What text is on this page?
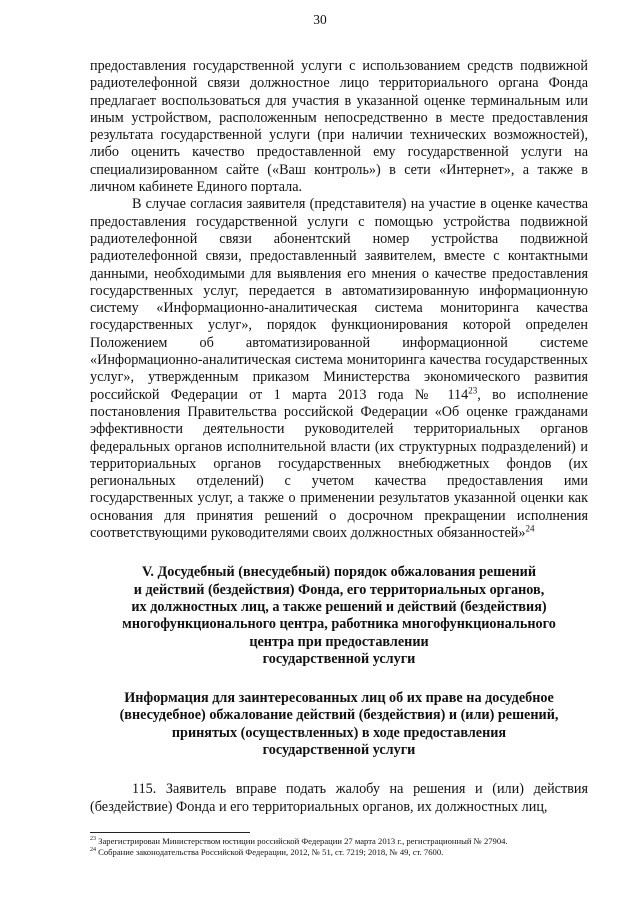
30

предоставления государственной услуги с использованием средств подвижной радиотелефонной связи должностное лицо территориального органа Фонда предлагает воспользоваться для участия в указанной оценке терминальным или иным устройством, расположенным непосредственно в месте предоставления результата государственной услуги (при наличии технических возможностей), либо оценить качество предоставленной ему государственной услуги на специализированном сайте («Ваш контроль») в сети «Интернет», а также в личном кабинете Единого портала.

В случае согласия заявителя (представителя) на участие в оценке качества предоставления государственной услуги с помощью устройства подвижной радиотелефонной связи абонентский номер устройства подвижной радиотелефонной связи, предоставленный заявителем, вместе с контактными данными, необходимыми для выявления его мнения о качестве предоставления государственных услуг, передается в автоматизированную информационную систему «Информационно-аналитическая система мониторинга качества государственных услуг», порядок функционирования которой определен Положением об автоматизированной информационной системе «Информационно-аналитическая система мониторинга качества государственных услуг», утвержденным приказом Министерства экономического развития российской Федерации от 1 марта 2013 года № $114^{23}$, во исполнение постановления Правительства российской Федерации «Об оценке гражданами эффективности деятельности руководителей территориальных органов федеральных органов исполнительной власти (их структурных подразделений) и территориальных органов государственных внебюджетных фондов (их региональных отделений) с учетом качества предоставления ими государственных услуг, а также о применении результатов указанной оценки как основания для принятия решений о досрочном прекращении исполнения соответствующими руководителями своих должностных обязанностей»$^{24}$

V. Досудебный (внесудебный) порядок обжалования решений
и действий (бездействия) Фонда, его территориальных органов,
их должностных лиц, а также решений и действий (бездействия)
многофункционального центра, работника многофункционального
центра при предоставлении
государственной услуги
Информация для заинтересованных лиц об их праве на досудебное
(внесудебное) обжалование действий (бездействия) и (или) решений,
принятых (осуществленных) в ходе предоставления
государственной услуги

115. Заявитель вправе подать жалобу на решения и (или) действия (бездействие) Фонда и его территориальных органов, их должностных лиц,

$^{23}$ Зарегистрирован Министерством юстиции российской Федерации 27 марта 2013 г., регистрационный № 27904.

$^{24}$ Собрание законодательства Российской Федерации, 2012, № 51, ст. 7219; 2018, № 49, ст. 7600.
